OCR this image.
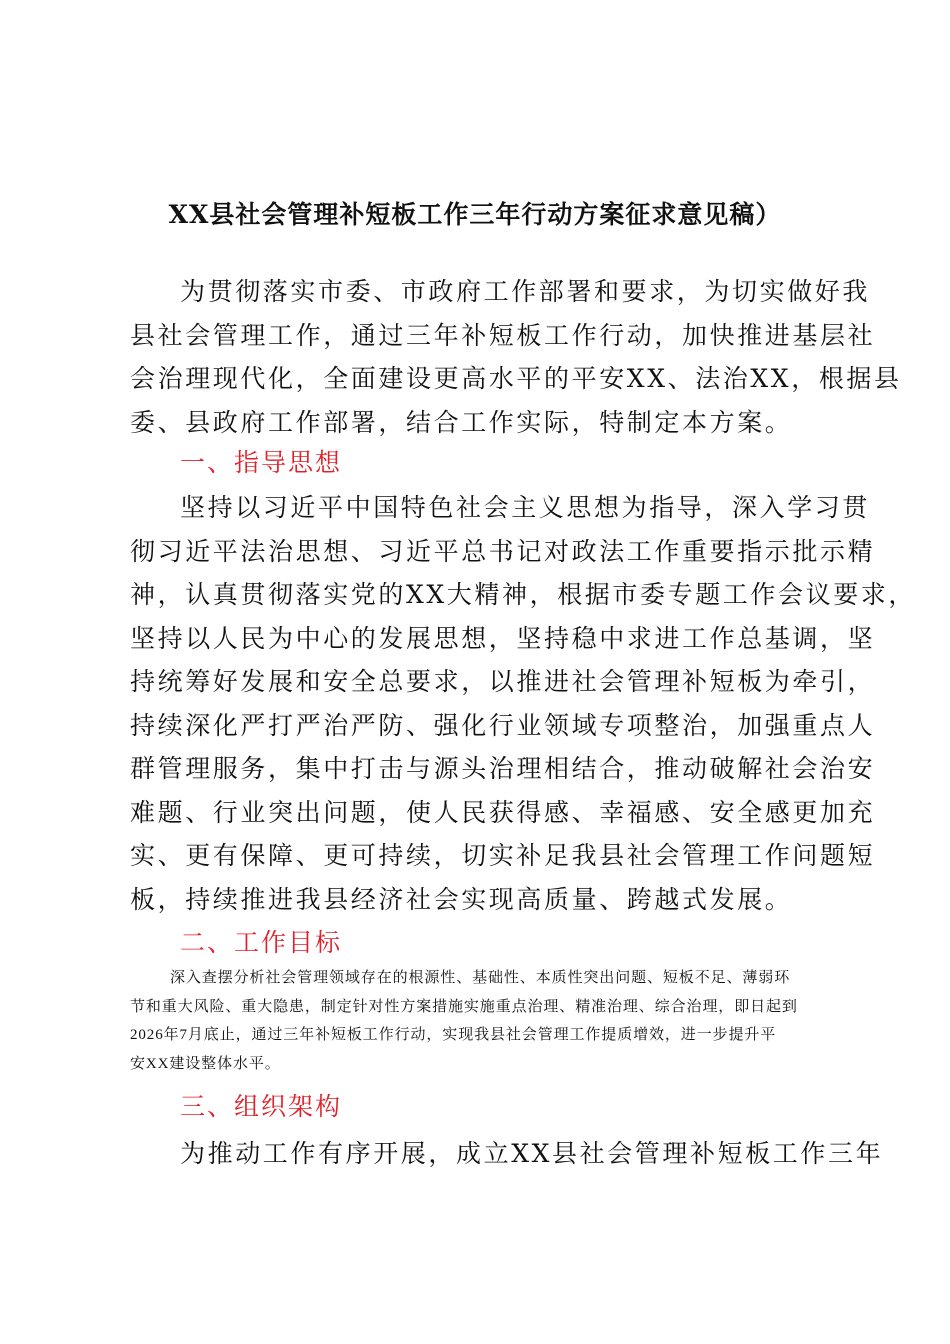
XX县社会管理补短板工作三年行动方案征求意见稿）

为贯彻落实市委、市政府工作部署和要求，为切实做好我
县社会管理工作，通过三年补短板工作行动，加快推进基层社
会治理现代化，全面建设更高水平的平安XX、法治XX，根据县
委、县政府工作部署，结合工作实际，特制定本方案。

一、指导思想

坚持以习近平中国特色社会主义思想为指导，深入学习贯
彻习近平法治思想、习近平总书记对政法工作重要指示批示精
神，认真贯彻落实党的XX大精神，根据市委专题工作会议要求，
坚持以人民为中心的发展思想，坚持稳中求进工作总基调，坚
持统筹好发展和安全总要求，以推进社会管理补短板为牵引，
持续深化严打严治严防、强化行业领域专项整治，加强重点人
群管理服务，集中打击与源头治理相结合，推动破解社会治安
难题、行业突出问题，使人民获得感、幸福感、安全感更加充
实、更有保障、更可持续，切实补足我县社会管理工作问题短
板，持续推进我县经济社会实现高质量、跨越式发展。

二、工作目标

深入查摆分析社会管理领域存在的根源性、基础性、本质性突出问题、短板不足、薄弱环
节和重大风险、重大隐患，制定针对性方案措施实施重点治理、精准治理、综合治理，即日起到
2026年7月底止，通过三年补短板工作行动，实现我县社会管理工作提质增效，进一步提升平
安XX建设整体水平。

三、组织架构

为推动工作有序开展，成立XX县社会管理补短板工作三年
